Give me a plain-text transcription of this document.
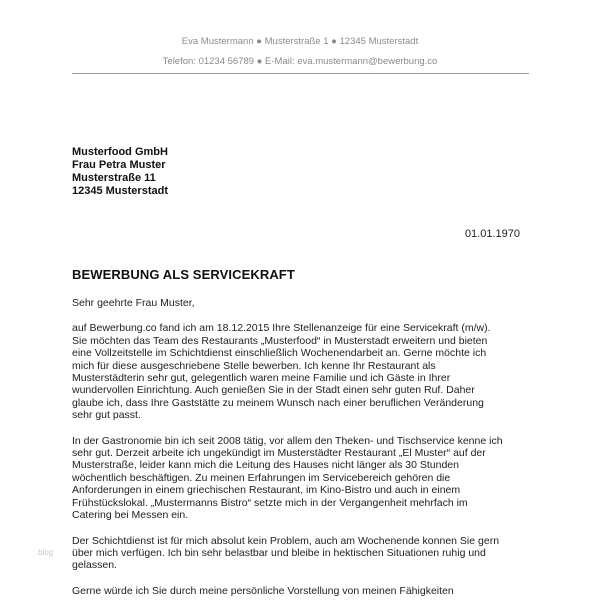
Eva Mustermann ● Musterstraße 1 ● 12345 Musterstadt
Telefon: 01234 56789 ● E-Mail: eva.mustermann@bewerbung.co
Musterfood GmbH
Frau Petra Muster
Musterstraße 11
12345 Musterstadt
01.01.1970
BEWERBUNG ALS SERVICEKRAFT

Sehr geehrte Frau Muster,

auf Bewerbung.co fand ich am 18.12.2015 Ihre Stellenanzeige für eine Servicekraft (m/w).
Sie möchten das Team des Restaurants „Musterfood“ in Musterstadt erweitern und bieten
eine Vollzeitstelle im Schichtdienst einschließlich Wochenendarbeit an. Gerne möchte ich
mich für diese ausgeschriebene Stelle bewerben. Ich kenne Ihr Restaurant als
Musterstädterin sehr gut, gelegentlich waren meine Familie und ich Gäste in Ihrer
wundervollen Einrichtung. Auch genießen Sie in der Stadt einen sehr guten Ruf. Daher
glaube ich, dass Ihre Gaststätte zu meinem Wunsch nach einer beruflichen Veränderung
sehr gut passt.

In der Gastronomie bin ich seit 2008 tätig, vor allem den Theken- und Tischservice kenne ich
sehr gut. Derzeit arbeite ich ungekündigt im Musterstädter Restaurant „El Muster“ auf der
Musterstraße, leider kann mich die Leitung des Hauses nicht länger als 30 Stunden
wöchentlich beschäftigen. Zu meinen Erfahrungen im Servicebereich gehören die
Anforderungen in einem griechischen Restaurant, im Kino-Bistro und auch in einem
Frühstückslokal. „Mustermanns Bistro“ setzte mich in der Vergangenheit mehrfach im
Catering bei Messen ein.

Der Schichtdienst ist für mich absolut kein Problem, auch am Wochenende konnen Sie gern
über mich verfügen. Ich bin sehr belastbar und bleibe in hektischen Situationen ruhig und
gelassen.

Gerne würde ich Sie durch meine persönliche Vorstellung von meinen Fähigkeiten

blog
